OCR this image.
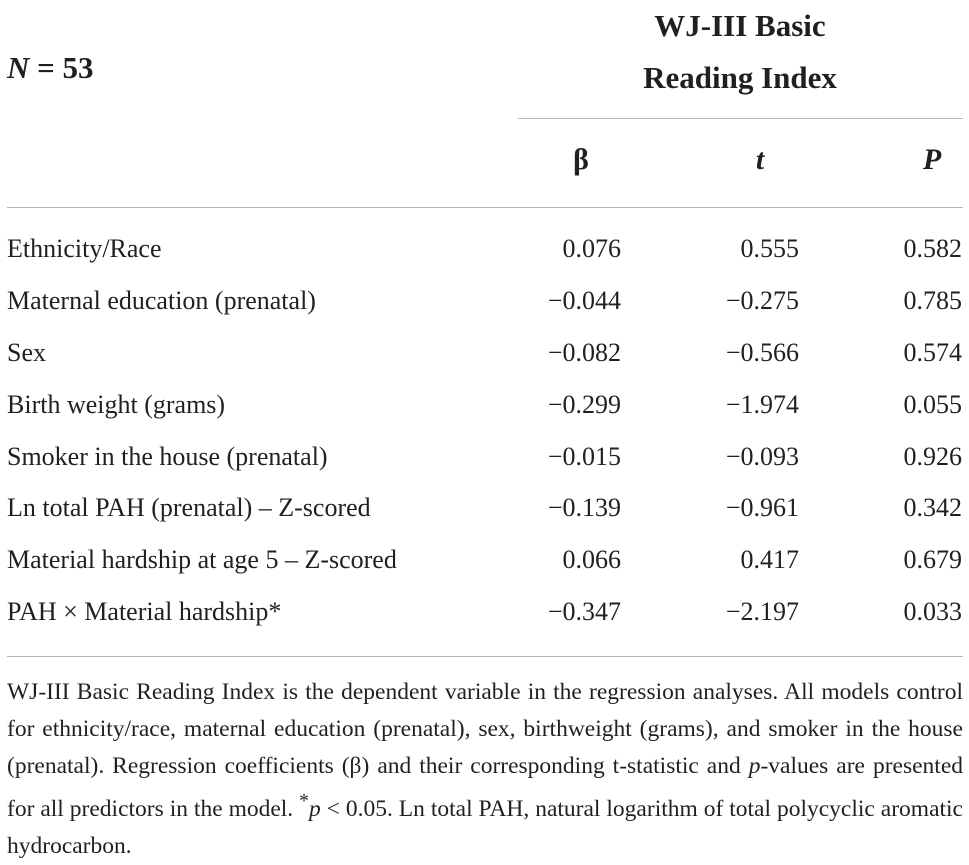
N = 53
WJ-III Basic
Reading Index
β	t	P
Ethnicity/Race	0.076	0.555	0.582
Maternal education (prenatal)	−0.044	−0.275	0.785
Sex	−0.082	−0.566	0.574
Birth weight (grams)	−0.299	−1.974	0.055
Smoker in the house (prenatal)	−0.015	−0.093	0.926
Ln total PAH (prenatal) – Z-scored	−0.139	−0.961	0.342
Material hardship at age 5 – Z-scored	0.066	0.417	0.679
PAH × Material hardship*	−0.347	−2.197	0.033

WJ-III Basic Reading Index is the dependent variable in the regression analyses. All models control for ethnicity/race, maternal education (prenatal), sex, birthweight (grams), and smoker in the house (prenatal). Regression coefficients (β) and their corresponding t-statistic and p-values are presented for all predictors in the model. *p < 0.05. Ln total PAH, natural logarithm of total polycyclic aromatic hydrocarbon.
